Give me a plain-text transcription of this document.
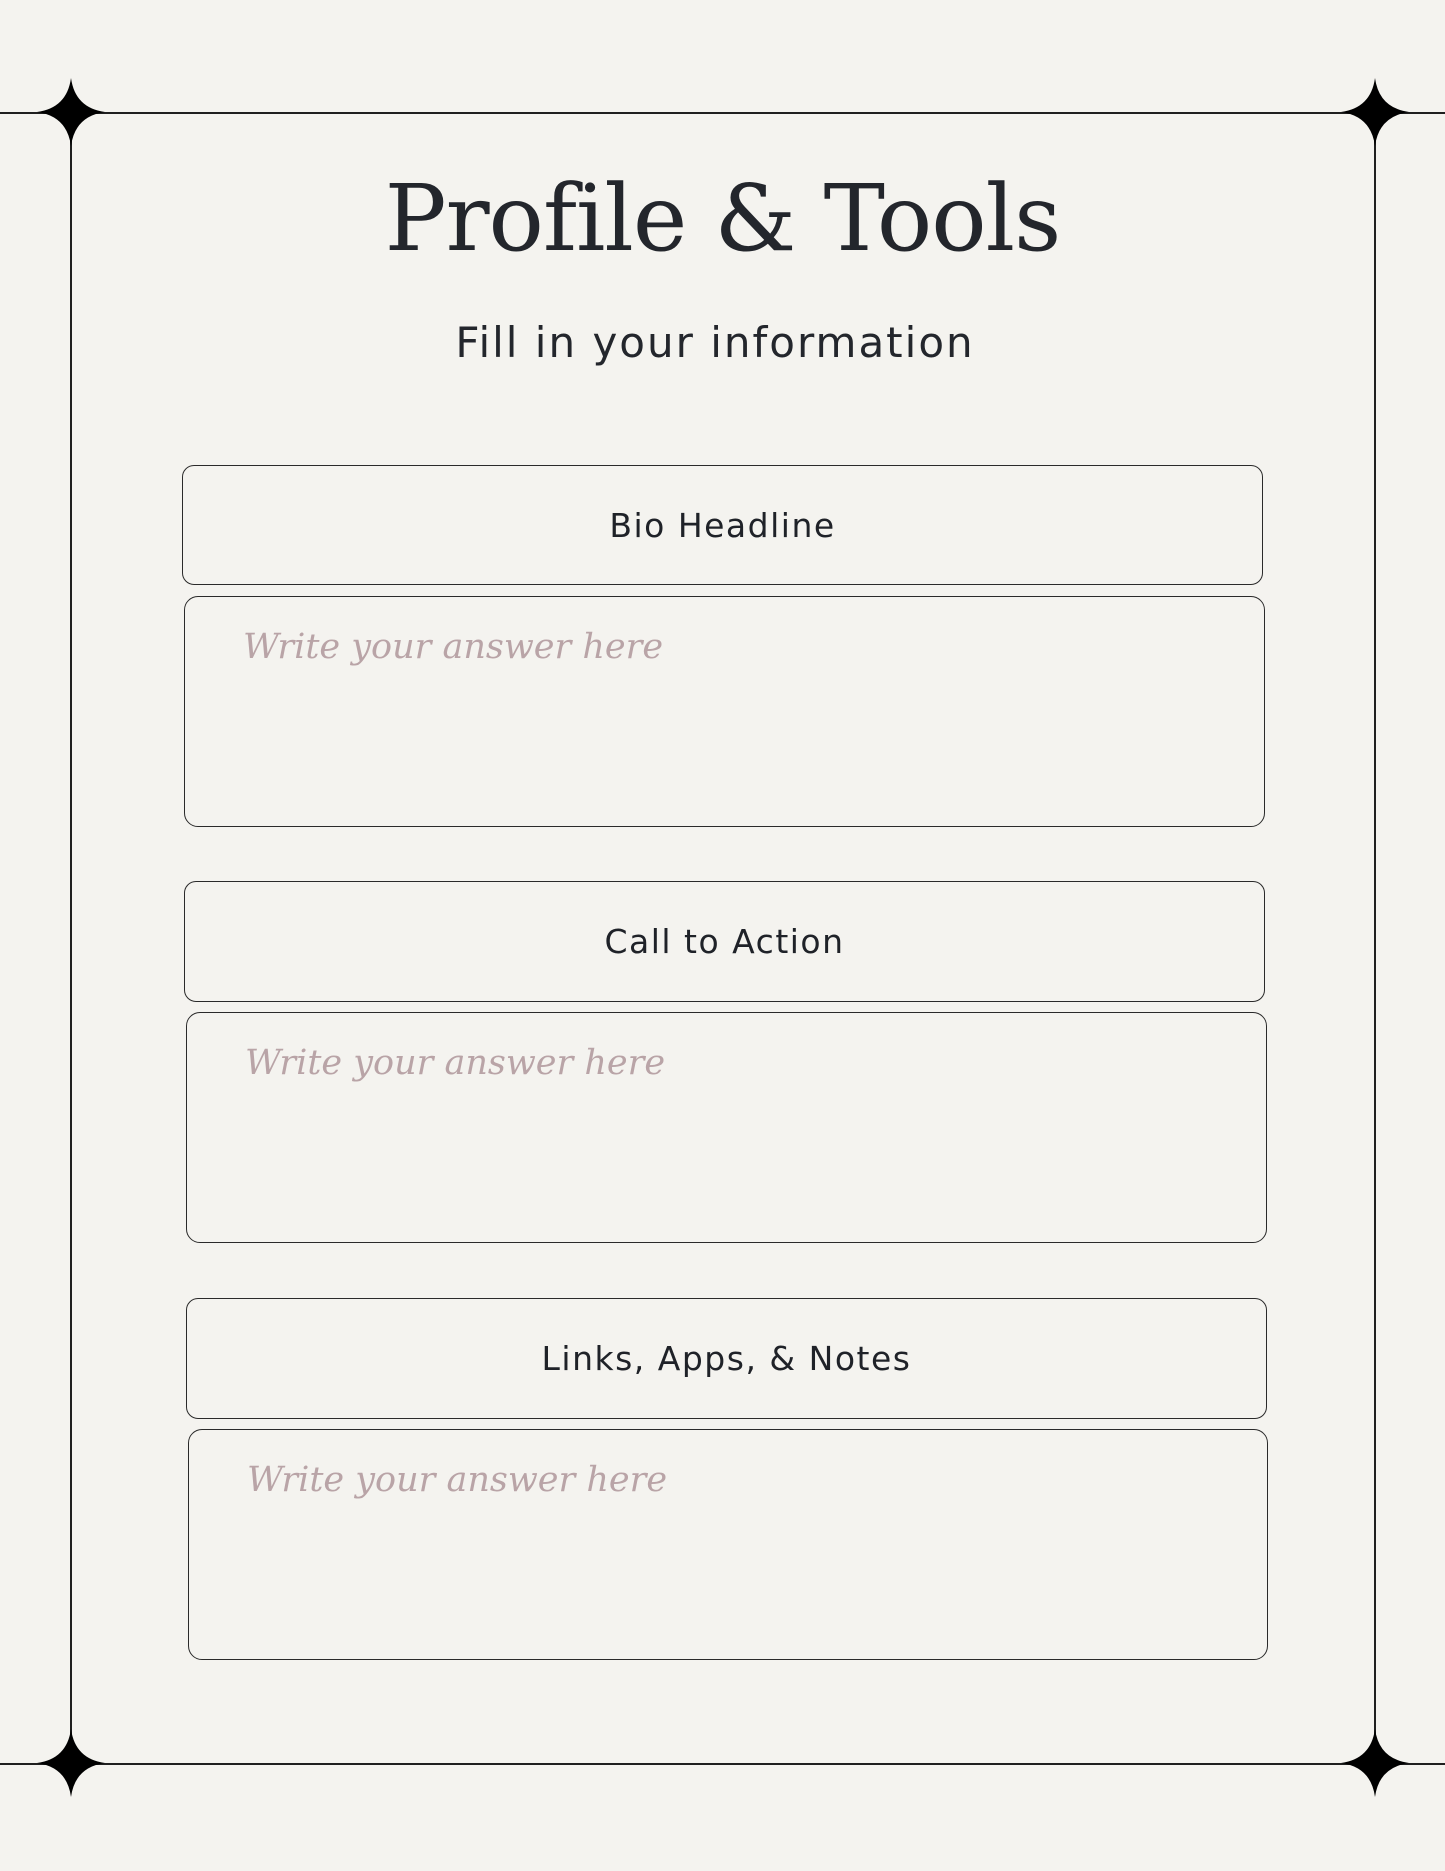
Profile & Tools
Fill in your information
Bio Headline
Write your answer here
Call to Action
Write your answer here
Links, Apps, & Notes
Write your answer here
